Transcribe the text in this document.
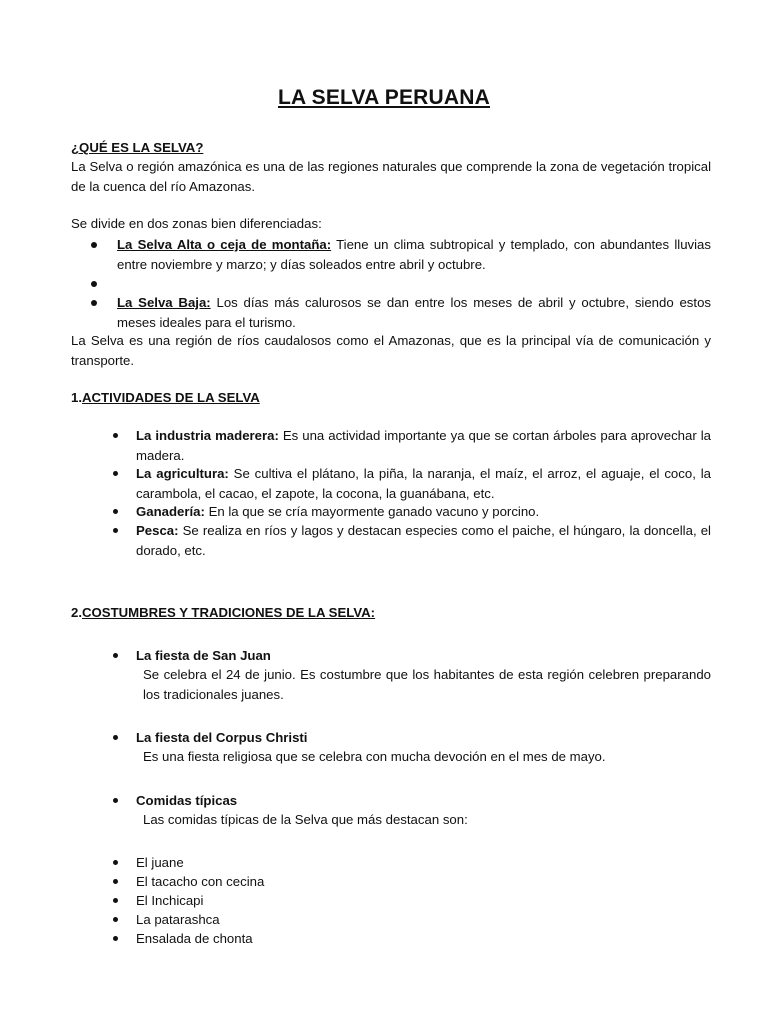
LA SELVA PERUANA
¿QUÉ ES LA SELVA?
La Selva o región amazónica es una de las regiones naturales que comprende la zona de vegetación tropical de la cuenca del río Amazonas.
Se divide en dos zonas bien diferenciadas:
La Selva Alta o ceja de montaña: Tiene un clima subtropical y templado, con abundantes lluvias entre noviembre y marzo; y días soleados entre abril y octubre.
La Selva Baja: Los días más calurosos se dan entre los meses de abril y octubre, siendo estos meses ideales para el turismo.
La Selva es una región de ríos caudalosos como el Amazonas, que es la principal vía de comunicación y transporte.
1.ACTIVIDADES DE LA SELVA
La industria maderera: Es una actividad importante ya que se cortan árboles para aprovechar la madera.
La agricultura: Se cultiva el plátano, la piña, la naranja, el maíz, el arroz, el aguaje, el coco, la carambola, el cacao, el zapote, la cocona, la guanábana, etc.
Ganadería: En la que se cría mayormente ganado vacuno y porcino.
Pesca: Se realiza en ríos y lagos y destacan especies como el paiche, el húngaro, la doncella, el dorado, etc.
2.COSTUMBRES Y TRADICIONES DE LA SELVA:
La fiesta de San Juan
Se celebra el 24 de junio. Es costumbre que los habitantes de esta región celebren preparando los tradicionales juanes.
La fiesta del Corpus Christi
Es una fiesta religiosa que se celebra con mucha devoción en el mes de mayo.
Comidas típicas
Las comidas típicas de la Selva que más destacan son:
El juane
El tacacho con cecina
El Inchicapi
La patarashca
Ensalada de chonta
